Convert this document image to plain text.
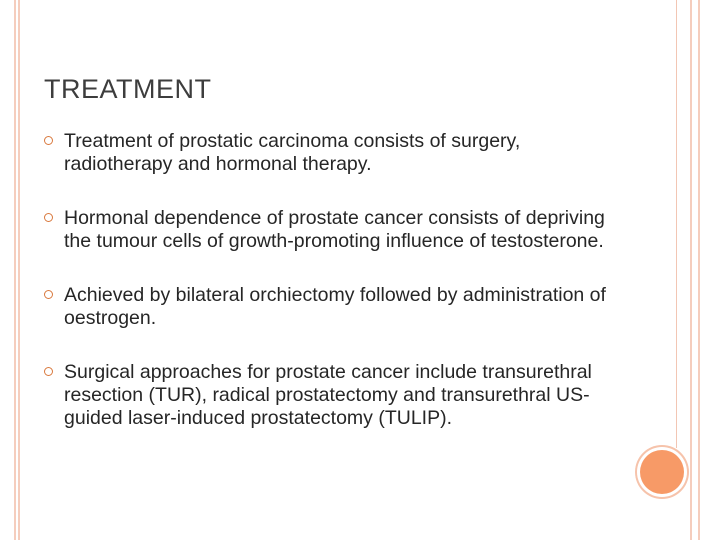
TREATMENT
Treatment of prostatic carcinoma consists of surgery, radiotherapy and hormonal therapy.
Hormonal dependence of prostate cancer consists of depriving the tumour cells of growth-promoting influence of testosterone.
Achieved by bilateral orchiectomy followed by administration of oestrogen.
Surgical approaches for prostate cancer include transurethral resection (TUR), radical prostatectomy and transurethral US-guided laser-induced prostatectomy (TULIP).
